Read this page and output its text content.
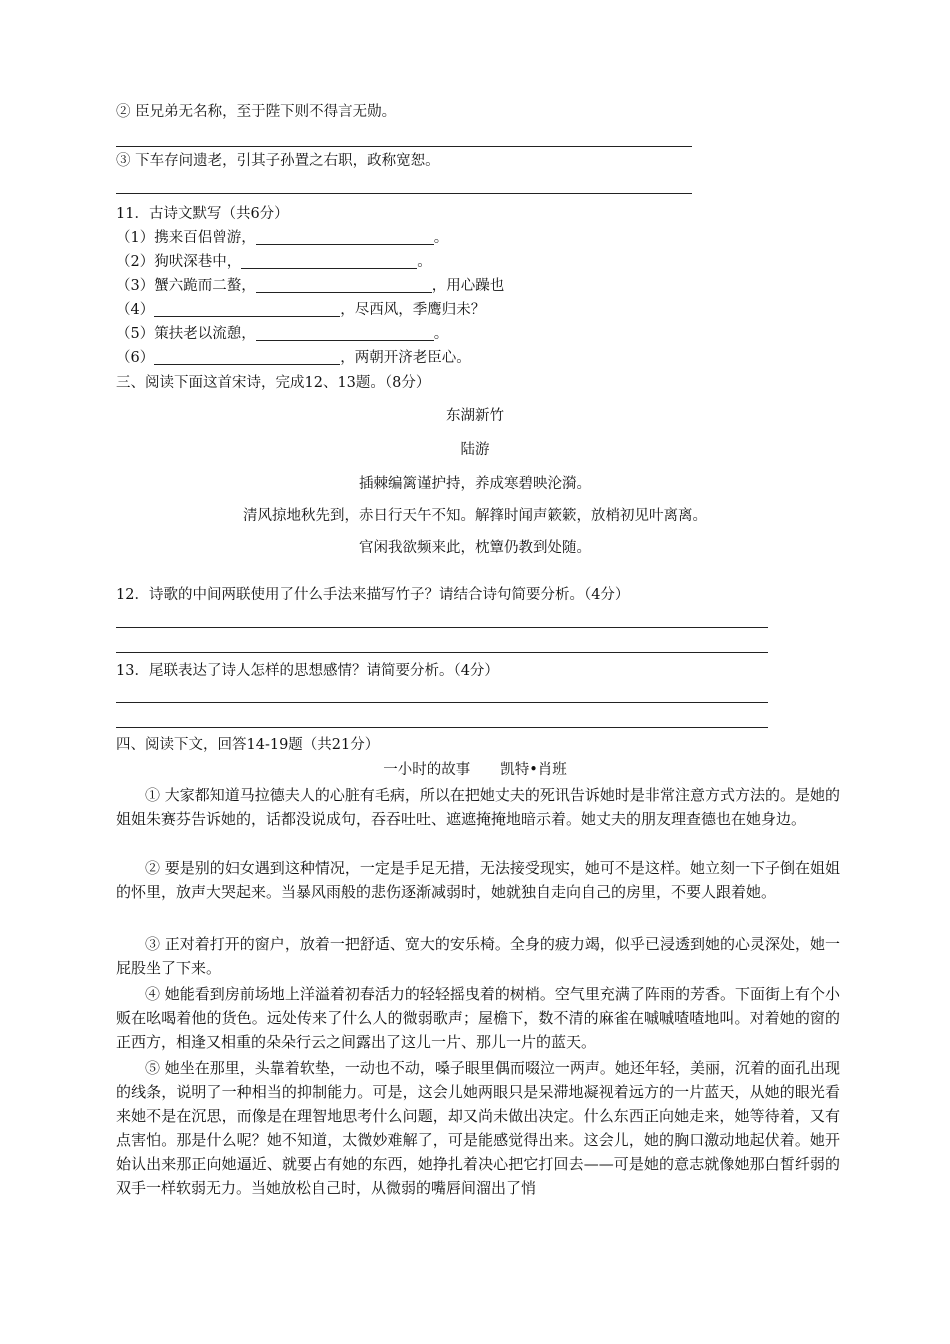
② 臣兄弟无名称，至于陛下则不得言无勋。
③ 下车存问遗老，引其子孙置之右职，政称宽恕。
11．古诗文默写（共6分）
（1）携来百侣曾游，	。
（2）狗吠深巷中，	。
（3）蟹六跪而二螯，	，用心躁也
（4）	，尽西风，季鹰归未？
（5）策扶老以流憩，	。
（6）	，两朝开济老臣心。
三、阅读下面这首宋诗，完成12、13题。（8分）
东湖新竹
陆游
插棘编篱谨护持，养成寒碧映沦漪。
清风掠地秋先到，赤日行天午不知。解箨时闻声簌簌，放梢初见叶离离。
官闲我欲频来此，枕簟仍教到处随。
12．诗歌的中间两联使用了什么手法来描写竹子？请结合诗句简要分析。（4分）
13．尾联表达了诗人怎样的思想感情？请简要分析。（4分）
四、阅读下文，回答14-19题（共21分）
一小时的故事 凯特•肖班
① 大家都知道马拉德夫人的心脏有毛病，所以在把她丈夫的死讯告诉她时是非常注意方式方法的。是她的姐姐朱赛芬告诉她的，话都没说成句，吞吞吐吐、遮遮掩掩地暗示着。她丈夫的朋友理查德也在她身边。
② 要是别的妇女遇到这种情况，一定是手足无措，无法接受现实，她可不是这样。她立刻一下子倒在姐姐的怀里，放声大哭起来。当暴风雨般的悲伤逐渐减弱时，她就独自走向自己的房里，不要人跟着她。
③ 正对着打开的窗户，放着一把舒适、宽大的安乐椅。全身的疲力竭，似乎已浸透到她的心灵深处，她一屁股坐了下来。
④ 她能看到房前场地上洋溢着初春活力的轻轻摇曳着的树梢。空气里充满了阵雨的芳香。下面街上有个小贩在吆喝着他的货色。远处传来了什么人的微弱歌声；屋檐下，数不清的麻雀在嘁嘁喳喳地叫。对着她的窗的正西方，相逢又相重的朵朵行云之间露出了这儿一片、那儿一片的蓝天。
⑤ 她坐在那里，头靠着软垫，一动也不动，嗓子眼里偶而啜泣一两声。她还年轻，美丽，沉着的面孔出现的线条，说明了一种相当的抑制能力。可是，这会儿她两眼只是呆滞地凝视着远方的一片蓝天，从她的眼光看来她不是在沉思，而像是在理智地思考什么问题，却又尚未做出决定。什么东西正向她走来，她等待着，又有点害怕。那是什么呢？她不知道，太微妙难解了，可是能感觉得出来。这会儿，她的胸口激动地起伏着。她开始认出来那正向她逼近、就要占有她的东西，她挣扎着决心把它打回去——可是她的意志就像她那白皙纤弱的双手一样软弱无力。当她放松自己时，从微弱的嘴唇间溜出了悄
